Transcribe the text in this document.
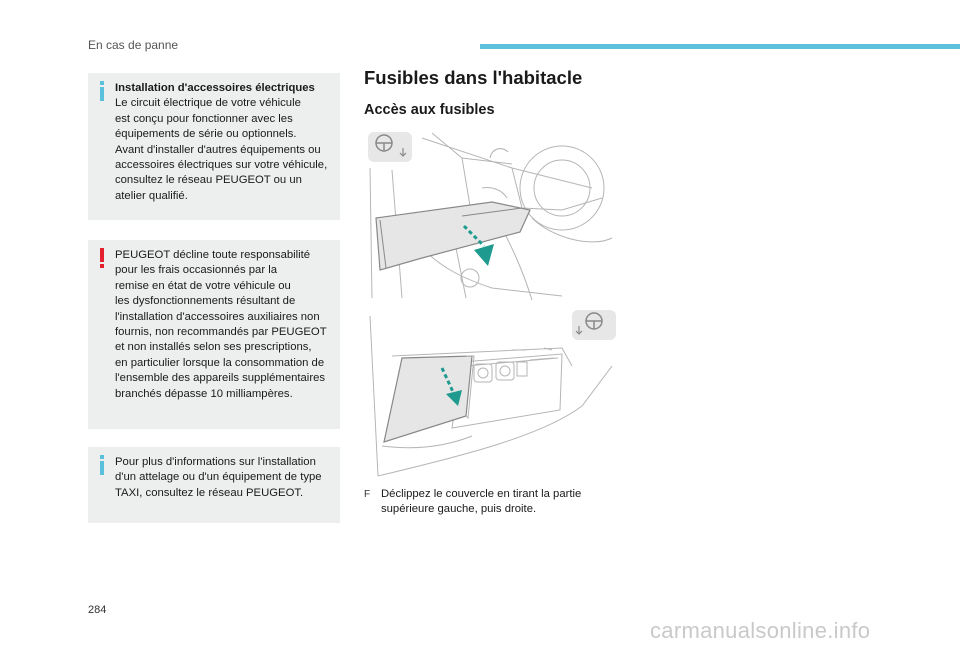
En cas de panne
Installation d'accessoires électriques
Le circuit électrique de votre véhicule
est conçu pour fonctionner avec les
équipements de série ou optionnels.
Avant d'installer d'autres équipements ou
accessoires électriques sur votre véhicule,
consultez le réseau PEUGEOT ou un
atelier qualifié.
PEUGEOT décline toute responsabilité
pour les frais occasionnés par la
remise en état de votre véhicule ou
les dysfonctionnements résultant de
l'installation d'accessoires auxiliaires non
fournis, non recommandés par PEUGEOT
et non installés selon ses prescriptions,
en particulier lorsque la consommation de
l'ensemble des appareils supplémentaires
branchés dépasse 10 milliampères.
Pour plus d'informations sur l'installation
d'un attelage ou d'un équipement de type
TAXI, consultez le réseau PEUGEOT.
Fusibles dans l'habitacle
Accès aux fusibles
F Déclippez le couvercle en tirant la partie
supérieure gauche, puis droite.
284
carmanualsonline.info
